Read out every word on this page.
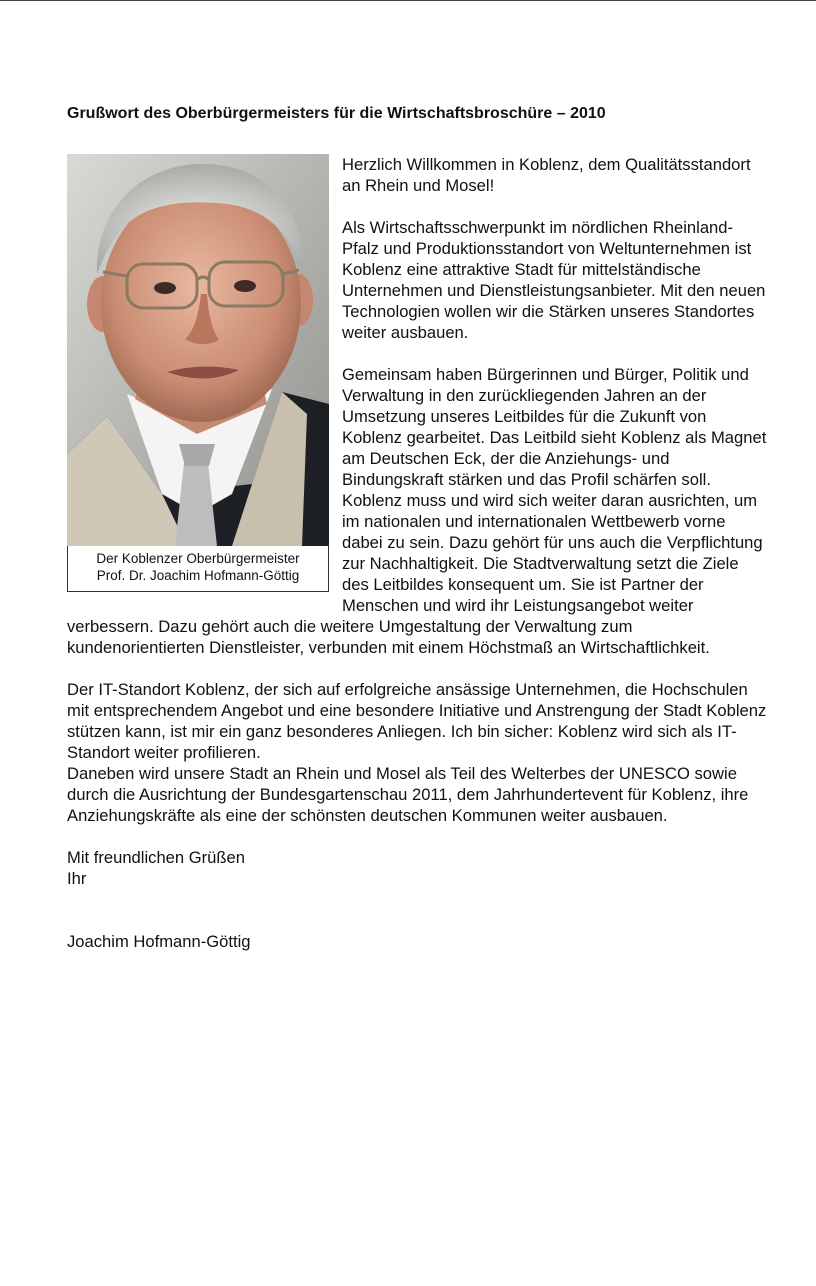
Grußwort des Oberbürgermeisters für die Wirtschaftsbroschüre – 2010
Der Koblenzer Oberbürgermeister
Prof. Dr. Joachim Hofmann-Göttig

Herzlich Willkommen in Koblenz, dem Qualitätsstandort an Rhein und Mosel!

Als Wirtschaftsschwerpunkt im nördlichen Rheinland-Pfalz und Produktionsstandort von Weltunternehmen ist Koblenz eine attraktive Stadt für mittelständische Unternehmen und Dienstleistungsanbieter. Mit den neuen Technologien wollen wir die Stärken unseres Standortes weiter ausbauen.

Gemeinsam haben Bürgerinnen und Bürger, Politik und Verwaltung in den zurückliegenden Jahren an der Umsetzung unseres Leitbildes für die Zukunft von Koblenz gearbeitet. Das Leitbild sieht Koblenz als Magnet am Deutschen Eck, der die Anziehungs- und Bindungskraft stärken und das Profil schärfen soll. Koblenz muss und wird sich weiter daran ausrichten, um im nationalen und internationalen Wettbewerb vorne dabei zu sein. Dazu gehört für uns auch die Verpflichtung zur Nachhaltigkeit. Die Stadtverwaltung setzt die Ziele des Leitbildes konsequent um. Sie ist Partner der Menschen und wird ihr Leistungsangebot weiter verbessern. Dazu gehört auch die weitere Umgestaltung der Verwaltung zum kundenorientierten Dienstleister, verbunden mit einem Höchstmaß an Wirtschaftlichkeit.

Der IT-Standort Koblenz, der sich auf erfolgreiche ansässige Unternehmen, die Hochschulen mit entsprechendem Angebot und eine besondere Initiative und Anstrengung der Stadt Koblenz stützen kann, ist mir ein ganz besonderes Anliegen. Ich bin sicher: Koblenz wird sich als IT-Standort weiter profilieren.

Daneben wird unsere Stadt an Rhein und Mosel als Teil des Welterbes der UNESCO sowie durch die Ausrichtung der Bundesgartenschau 2011, dem Jahrhundertevent für Koblenz, ihre Anziehungskräfte als eine der schönsten deutschen Kommunen weiter ausbauen.

Mit freundlichen Grüßen
Ihr
Joachim Hofmann-Göttig
